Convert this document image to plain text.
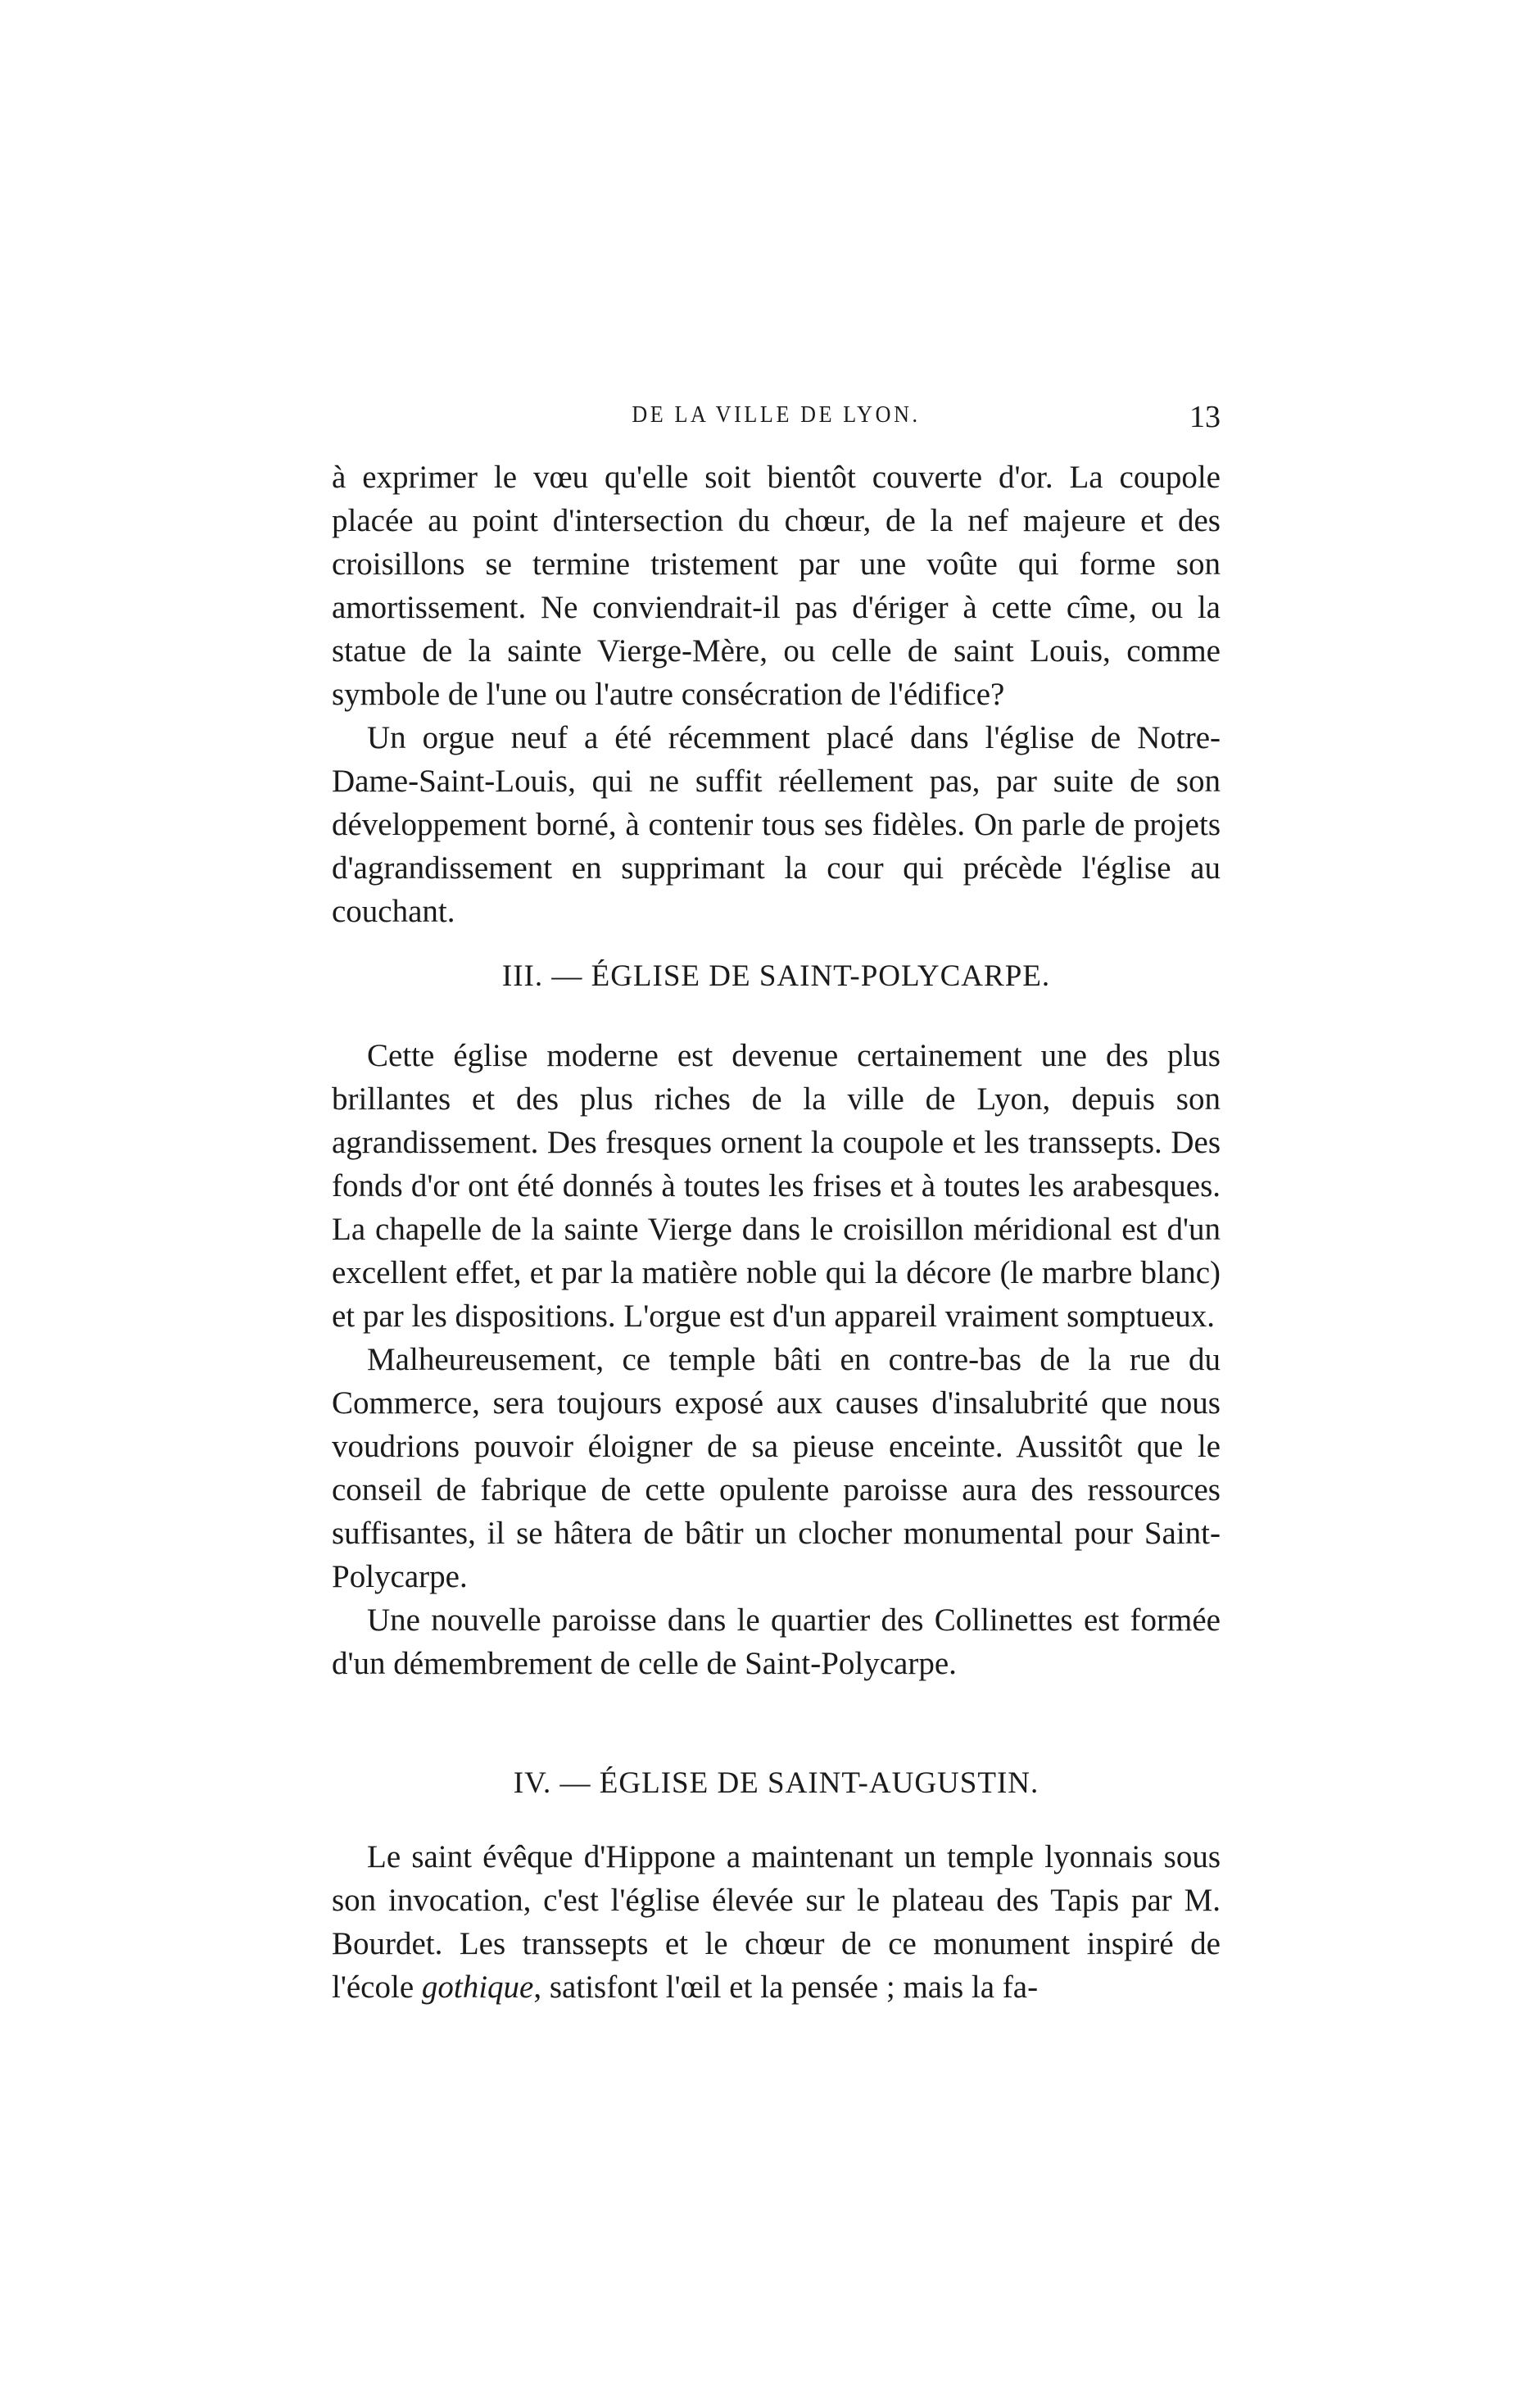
DE LA VILLE DE LYON.	13

à exprimer le vœu qu'elle soit bientôt couverte d'or. La coupole placée au point d'intersection du chœur, de la nef majeure et des croisillons se termine tristement par une voûte qui forme son amortissement. Ne conviendrait-il pas d'ériger à cette cîme, ou la statue de la sainte Vierge-Mère, ou celle de saint Louis, comme symbole de l'une ou l'autre consécration de l'édifice?

Un orgue neuf a été récemment placé dans l'église de Notre-Dame-Saint-Louis, qui ne suffit réellement pas, par suite de son développement borné, à contenir tous ses fidèles. On parle de projets d'agrandissement en supprimant la cour qui précède l'église au couchant.

III. — ÉGLISE DE SAINT-POLYCARPE.

Cette église moderne est devenue certainement une des plus brillantes et des plus riches de la ville de Lyon, depuis son agrandissement. Des fresques ornent la coupole et les transsepts. Des fonds d'or ont été donnés à toutes les frises et à toutes les arabesques. La chapelle de la sainte Vierge dans le croisillon méridional est d'un excellent effet, et par la matière noble qui la décore (le marbre blanc) et par les dispositions. L'orgue est d'un appareil vraiment somptueux.

Malheureusement, ce temple bâti en contre-bas de la rue du Commerce, sera toujours exposé aux causes d'insalubrité que nous voudrions pouvoir éloigner de sa pieuse enceinte. Aussitôt que le conseil de fabrique de cette opulente paroisse aura des ressources suffisantes, il se hâtera de bâtir un clocher monumental pour Saint-Polycarpe.

Une nouvelle paroisse dans le quartier des Collinettes est formée d'un démembrement de celle de Saint-Polycarpe.

IV. — ÉGLISE DE SAINT-AUGUSTIN.

Le saint évêque d'Hippone a maintenant un temple lyonnais sous son invocation, c'est l'église élevée sur le plateau des Tapis par M. Bourdet. Les transsepts et le chœur de ce monument inspiré de l'école gothique, satisfont l'œil et la pensée ; mais la fa-
